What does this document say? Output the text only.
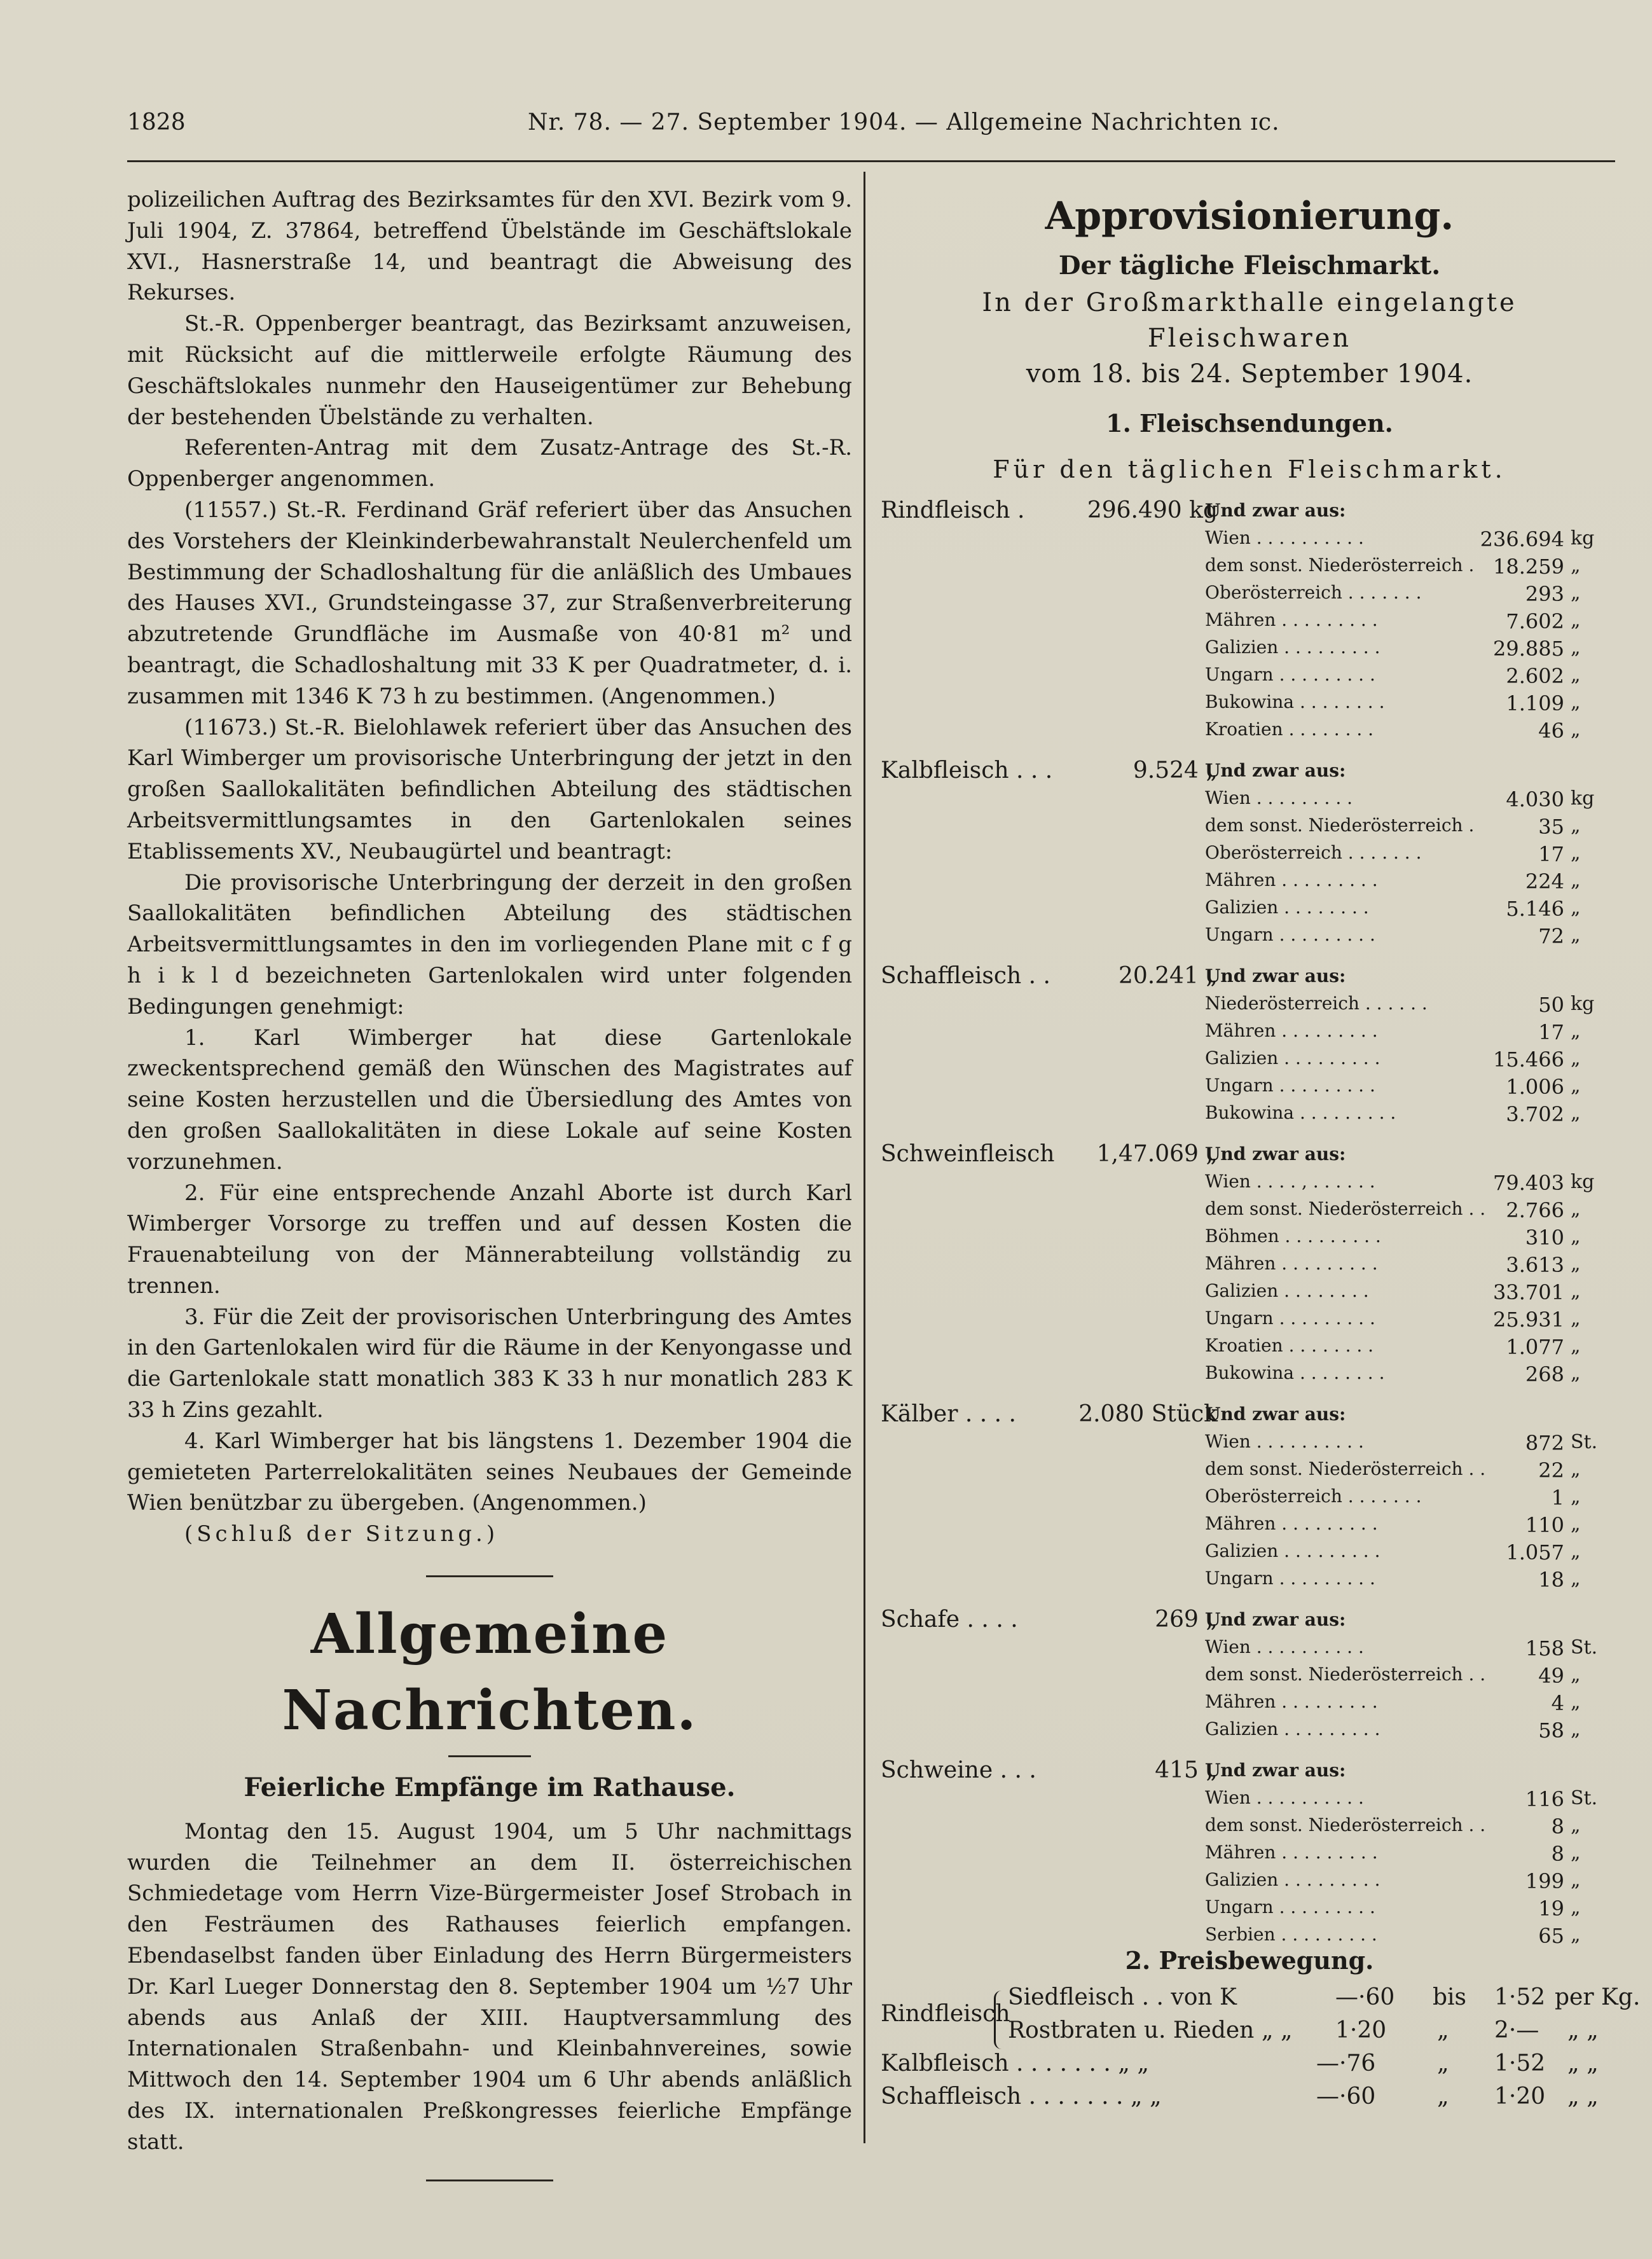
1828	Nr. 78. — 27. September 1904. — Allgemeine Nachrichten ɪc.

polizeilichen Auftrag des Bezirksamtes für den XVI. Bezirk vom 9. Juli 1904, Z. 37864, betreffend Übelstände im Geschäftslokale XVI., Hasnerstraße 14, und beantragt die Abweisung des Rekurses.

St.-R. Oppenberger beantragt, das Bezirksamt anzuweisen, mit Rücksicht auf die mittlerweile erfolgte Räumung des Geschäftslokales nunmehr den Hauseigentümer zur Behebung der bestehenden Übelstände zu verhalten.

Referenten-Antrag mit dem Zusatz-Antrage des St.-R. Oppenberger angenommen.

(11557.) St.-R. Ferdinand Gräf referiert über das Ansuchen des Vorstehers der Kleinkinderbewahranstalt Neulerchenfeld um Bestimmung der Schadloshaltung für die anläßlich des Umbaues des Hauses XVI., Grundsteingasse 37, zur Straßenverbreiterung abzutretende Grundfläche im Ausmaße von 40·81 m² und beantragt, die Schadloshaltung mit 33 K per Quadratmeter, d. i. zusammen mit 1346 K 73 h zu bestimmen. (Angenommen.)

(11673.) St.-R. Bielohlawek referiert über das Ansuchen des Karl Wimberger um provisorische Unterbringung der jetzt in den großen Saallokalitäten befindlichen Abteilung des städtischen Arbeitsvermittlungsamtes in den Gartenlokalen seines Etablissements XV., Neubaugürtel und beantragt:

Die provisorische Unterbringung der derzeit in den großen Saallokalitäten befindlichen Abteilung des städtischen Arbeitsvermittlungsamtes in den im vorliegenden Plane mit c f g h i k l d bezeichneten Gartenlokalen wird unter folgenden Bedingungen genehmigt:

1. Karl Wimberger hat diese Gartenlokale zweckentsprechend gemäß den Wünschen des Magistrates auf seine Kosten herzustellen und die Übersiedlung des Amtes von den großen Saallokalitäten in diese Lokale auf seine Kosten vorzunehmen.

2. Für eine entsprechende Anzahl Aborte ist durch Karl Wimberger Vorsorge zu treffen und auf dessen Kosten die Frauenabteilung von der Männerabteilung vollständig zu trennen.

3. Für die Zeit der provisorischen Unterbringung des Amtes in den Gartenlokalen wird für die Räume in der Kenyongasse und die Gartenlokale statt monatlich 383 K 33 h nur monatlich 283 K 33 h Zins gezahlt.

4. Karl Wimberger hat bis längstens 1. Dezember 1904 die gemieteten Parterrelokalitäten seines Neubaues der Gemeinde Wien benützbar zu übergeben. (Angenommen.)

(Schluß der Sitzung.)

Allgemeine Nachrichten.
Feierliche Empfänge im Rathause.

Montag den 15. August 1904, um 5 Uhr nachmittags wurden die Teilnehmer an dem II. österreichischen Schmiedetage vom Herrn Vize-Bürgermeister Josef Strobach in den Festräumen des Rathauses feierlich empfangen. Ebendaselbst fanden über Einladung des Herrn Bürgermeisters Dr. Karl Lueger Donnerstag den 8. September 1904 um ½7 Uhr abends aus Anlaß der XIII. Hauptversammlung des Internationalen Straßenbahn- und Kleinbahnvereines, sowie Mittwoch den 14. September 1904 um 6 Uhr abends anläßlich des IX. internationalen Preßkongresses feierliche Empfänge statt.

Approvisionierung.
Der tägliche Fleischmarkt.
In der Großmarkthalle eingelangte Fleischwaren
vom 18. bis 24. September 1904.
1. Fleischsendungen.
Für den täglichen Fleischmarkt.
Rindfleisch .	296.490 kg
Und zwar aus:
Wien . . . . . . . . . .	236.694 kg
dem sonst. Niederösterreich . 18.259 „
Oberösterreich . . . . . . .	293 „
Mähren . . . . . . . . .	7.602 „
Galizien . . . . . . . . .	29.885 „
Ungarn . . . . . . . . .	2.602 „
Bukowina . . . . . . . .	1.109 „
Kroatien . . . . . . . .	46 „
Kalbfleisch . . .	9.524 „
Und zwar aus:
Wien . . . . . . . . .	4.030 kg
dem sonst. Niederösterreich .	35 „
Oberösterreich . . . . . . .	17 „
Mähren . . . . . . . . .	224 „
Galizien . . . . . . . .	5.146 „
Ungarn . . . . . . . . .	72 „
Schaffleisch . .	20.241 „
Und zwar aus:
Niederösterreich . . . . . .	50 kg
Mähren . . . . . . . . .	17 „
Galizien . . . . . . . . .	15.466 „
Ungarn . . . . . . . . .	1.006 „
Bukowina . . . . . . . . .	3.702 „
Schweinfleisch	1,47.069 „
Und zwar aus:
Wien . . . . , . . . . . .	79.403 kg
dem sonst. Niederösterreich . . 2.766 „
Böhmen . . . . . . . . .	310 „
Mähren . . . . . . . . .	3.613 „
Galizien . . . . . . . .	33.701 „
Ungarn . . . . . . . . .	25.931 „
Kroatien . . . . . . . .	1.077 „
Bukowina . . . . . . . .	268 „
Kälber . . . .	2.080 Stück
Und zwar aus:
Wien . . . . . . . . . .	872 St.
dem sonst. Niederösterreich . .	22 „
Oberösterreich . . . . . . .	1 „
Mähren . . . . . . . . .	110 „
Galizien . . . . . . . . .	1.057 „
Ungarn . . . . . . . . .	18 „
Schafe . . . .	269 „
Und zwar aus:
Wien . . . . . . . . . .	158 St.
dem sonst. Niederösterreich . .	49 „
Mähren . . . . . . . . .	4 „
Galizien . . . . . . . . .	58 „
Schweine . . .	415 „
Und zwar aus:
Wien . . . . . . . . . .	116 St.
dem sonst. Niederösterreich . .	8 „
Mähren . . . . . . . . .	8 „
Galizien . . . . . . . . .	199 „
Ungarn . . . . . . . . .	19 „
Serbien . . . . . . . . .	65 „
2. Preisbewegung.
Rindfleisch
Siedfleisch . . von K	—·60 bis 1·52 per Kg.
Rostbraten u. Rieden „ „ 1·20 „ 2·— „ „
Kalbfleisch . . . . . . . „ „	—·76	„ 1·52 „ „
Schaffleisch . . . . . . . „ „	—·60	„ 1·20 „ „
